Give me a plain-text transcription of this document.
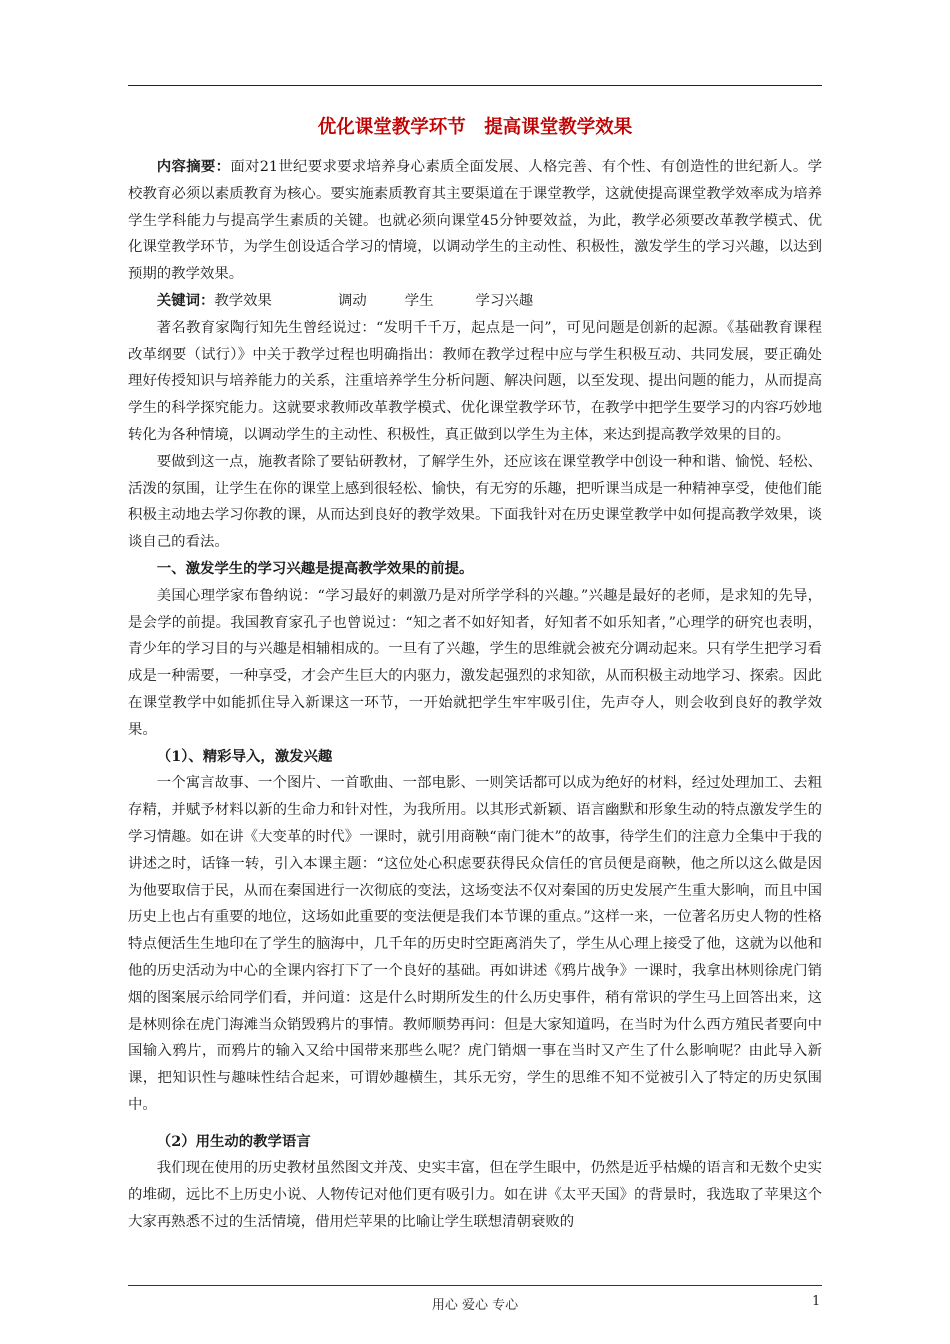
优化课堂教学环节　提高课堂教学效果

内容摘要：面对21世纪要求要求培养身心素质全面发展、人格完善、有个性、有创造性的世纪新人。学校教育必须以素质教育为核心。要实施素质教育其主要渠道在于课堂教学，这就使提高课堂教学效率成为培养学生学科能力与提高学生素质的关键。也就必须向课堂45分钟要效益，为此，教学必须要改革教学模式、优化课堂教学环节，为学生创设适合学习的情境，以调动学生的主动性、积极性，激发学生的学习兴趣，以达到预期的教学效果。

关键词：教学效果	调动	学生	学习兴趣

著名教育家陶行知先生曾经说过：“发明千千万，起点是一问”，可见问题是创新的起源。《基础教育课程改革纲要（试行）》中关于教学过程也明确指出：教师在教学过程中应与学生积极互动、共同发展，要正确处理好传授知识与培养能力的关系，注重培养学生分析问题、解决问题，以至发现、提出问题的能力，从而提高学生的科学探究能力。这就要求教师改革教学模式、优化课堂教学环节，在教学中把学生要学习的内容巧妙地转化为各种情境，以调动学生的主动性、积极性，真正做到以学生为主体，来达到提高教学效果的目的。

要做到这一点，施教者除了要钻研教材，了解学生外，还应该在课堂教学中创设一种和谐、愉悦、轻松、活泼的氛围，让学生在你的课堂上感到很轻松、愉快，有无穷的乐趣，把听课当成是一种精神享受，使他们能积极主动地去学习你教的课，从而达到良好的教学效果。下面我针对在历史课堂教学中如何提高教学效果，谈谈自己的看法。

一、激发学生的学习兴趣是提高教学效果的前提。

美国心理学家布鲁纳说：“学习最好的刺激乃是对所学学科的兴趣。”兴趣是最好的老师，是求知的先导，是会学的前提。我国教育家孔子也曾说过：“知之者不如好知者，好知者不如乐知者，”心理学的研究也表明，青少年的学习目的与兴趣是相辅相成的。一旦有了兴趣，学生的思维就会被充分调动起来。只有学生把学习看成是一种需要，一种享受，才会产生巨大的内驱力，激发起强烈的求知欲，从而积极主动地学习、探索。因此在课堂教学中如能抓住导入新课这一环节，一开始就把学生牢牢吸引住，先声夺人，则会收到良好的教学效果。

（1）、精彩导入，激发兴趣

一个寓言故事、一个图片、一首歌曲、一部电影、一则笑话都可以成为绝好的材料，经过处理加工、去粗存精，并赋予材料以新的生命力和针对性，为我所用。以其形式新颖、语言幽默和形象生动的特点激发学生的学习情趣。如在讲《大变革的时代》一课时，就引用商鞅“南门徙木”的故事，待学生们的注意力全集中于我的讲述之时，话锋一转，引入本课主题：“这位处心积虑要获得民众信任的官员便是商鞅，他之所以这么做是因为他要取信于民，从而在秦国进行一次彻底的变法，这场变法不仅对秦国的历史发展产生重大影响，而且中国历史上也占有重要的地位，这场如此重要的变法便是我们本节课的重点。”这样一来，一位著名历史人物的性格特点便活生生地印在了学生的脑海中，几千年的历史时空距离消失了，学生从心理上接受了他，这就为以他和他的历史活动为中心的全课内容打下了一个良好的基础。再如讲述《鸦片战争》一课时，我拿出林则徐虎门销烟的图案展示给同学们看，并问道：这是什么时期所发生的什么历史事件，稍有常识的学生马上回答出来，这是林则徐在虎门海滩当众销毁鸦片的事情。教师顺势再问：但是大家知道吗，在当时为什么西方殖民者要向中国输入鸦片，而鸦片的输入又给中国带来那些么呢？虎门销烟一事在当时又产生了什么影响呢？由此导入新课，把知识性与趣味性结合起来，可谓妙趣横生，其乐无穷，学生的思维不知不觉被引入了特定的历史氛围中。

（2）用生动的教学语言

我们现在使用的历史教材虽然图文并茂、史实丰富，但在学生眼中，仍然是近乎枯燥的语言和无数个史实的堆砌，远比不上历史小说、人物传记对他们更有吸引力。如在讲《太平天国》的背景时，我选取了苹果这个大家再熟悉不过的生活情境，借用烂苹果的比喻让学生联想清朝衰败的

用心 爱心 专心	1
